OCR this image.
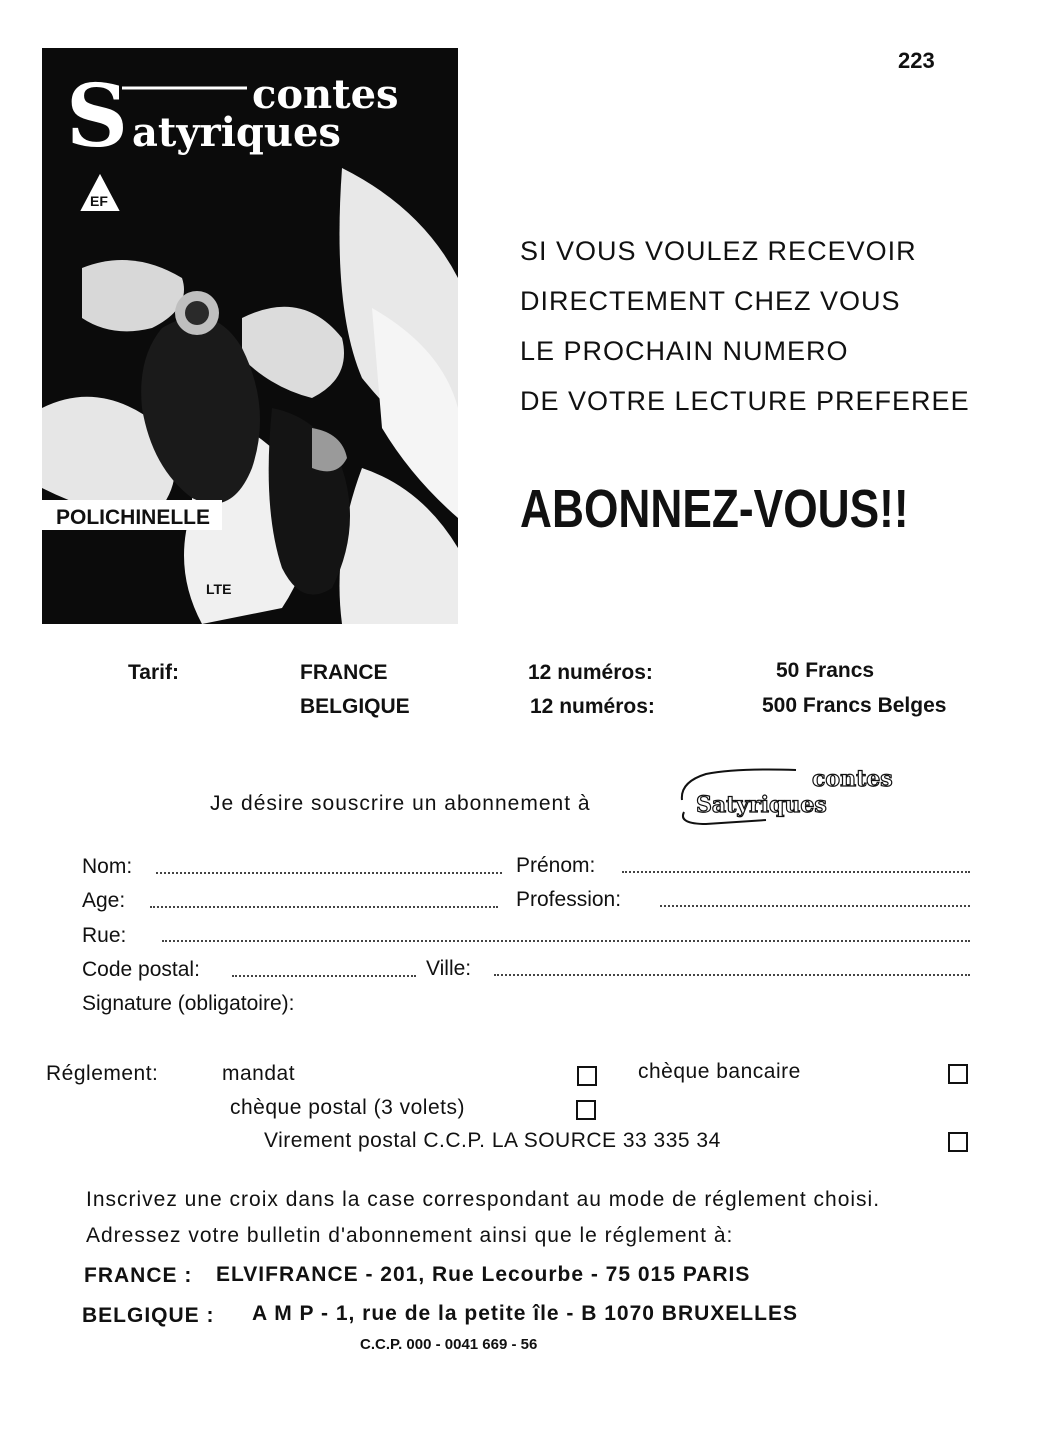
223
S	contes
atyriques
EF
POLICHINELLE
LTE
SI VOUS VOULEZ RECEVOIR
DIRECTEMENT CHEZ VOUS
LE PROCHAIN NUMERO
DE VOTRE LECTURE PREFEREE
ABONNEZ-VOUS!!
Tarif:	FRANCE	12 numéros:	50 Francs
BELGIQUE	12 numéros:	500 Francs Belges
Je désire souscrire un abonnement à
contes
Satyriques
Nom:	Prénom:
Age:	Profession:
Rue:
Code postal:	Ville:
Signature (obligatoire):
Réglement:	mandat	chèque bancaire
chèque postal (3 volets)
Virement postal C.C.P. LA SOURCE 33 335 34
Inscrivez une croix dans la case correspondant au mode de réglement choisi.
Adressez votre bulletin d'abonnement ainsi que le réglement à:
FRANCE : ELVIFRANCE - 201, Rue Lecourbe - 75 015 PARIS
BELGIQUE : A M P - 1, rue de la petite île - B 1070 BRUXELLES
C.C.P. 000 - 0041 669 - 56
